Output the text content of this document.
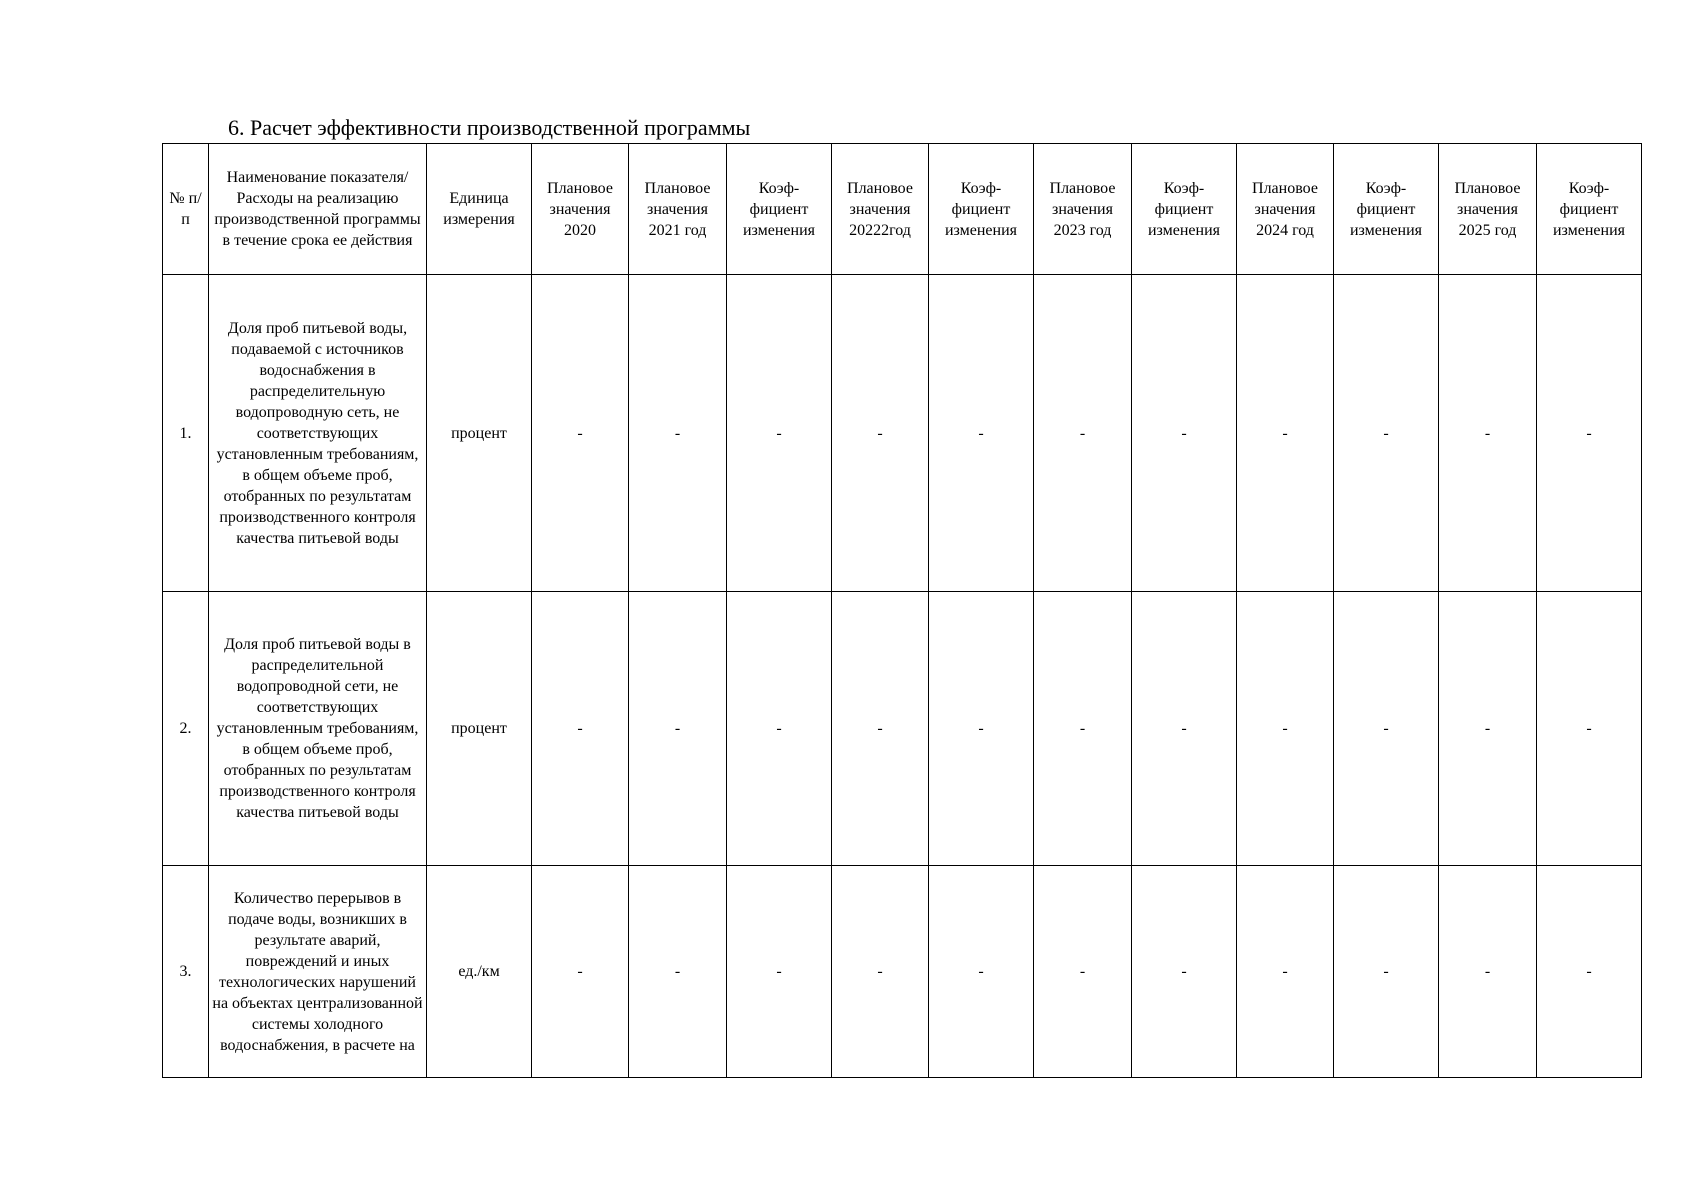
6. Расчет эффективности производственной программы
№ п/п	Наименование показателя/Расходы на реализацию производственной программы в течение срока ее действия	Единица измерения	Плановое значения 2020	Плановое значения 2021 год	Коэф-фициент изменения	Плановое значения 20222год	Коэф-фициент изменения	Плановое значения 2023 год	Коэф-фициент изменения	Плановое значения 2024 год	Коэф-фициент изменения	Плановое значения 2025 год	Коэф-фициент изменения
1.	Доля проб питьевой воды, подаваемой с источников водоснабжения в распределительную водопроводную сеть, не соответствующих установленным требованиям, в общем объеме проб, отобранных по результатам производственного контроля качества питьевой воды	процент	-	-	-	-	-	-	-	-	-	-	-
2.	Доля проб питьевой воды в распределительной водопроводной сети, не соответствующих установленным требованиям, в общем объеме проб, отобранных по результатам производственного контроля качества питьевой воды	процент	-	-	-	-	-	-	-	-	-	-	-
3.	Количество перерывов в подаче воды, возникших в результате аварий, повреждений и иных технологических нарушений на объектах централизованной системы холодного водоснабжения, в расчете на	ед./км	-	-	-	-	-	-	-	-	-	-	-
